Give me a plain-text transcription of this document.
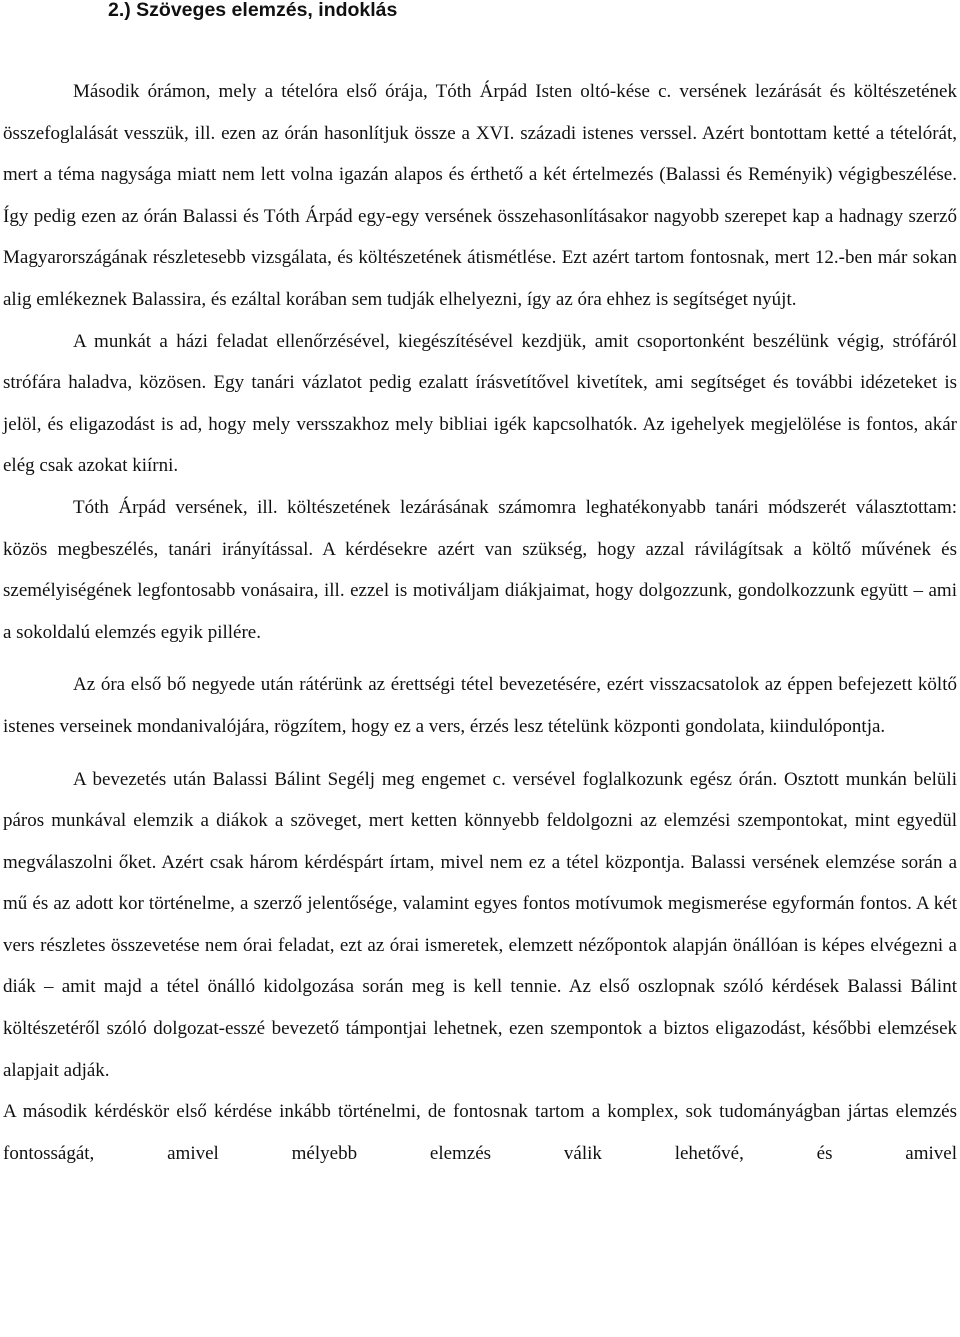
2.) Szöveges elemzés, indoklás

Második órámon, mely a tételóra első órája, Tóth Árpád Isten oltó-kése c. versének lezárását és költészetének összefoglalását vesszük, ill. ezen az órán hasonlítjuk össze a XVI. századi istenes verssel. Azért bontottam ketté a tételórát, mert a téma nagysága miatt nem lett volna igazán alapos és érthető a két értelmezés (Balassi és Reményik) végigbeszélése. Így pedig ezen az órán Balassi és Tóth Árpád egy-egy versének összehasonlításakor nagyobb szerepet kap a hadnagy szerző Magyarországának részletesebb vizsgálata, és költészetének átismétlése. Ezt azért tartom fontosnak, mert 12.-ben már sokan alig emlékeznek Balassira, és ezáltal korában sem tudják elhelyezni, így az óra ehhez is segítséget nyújt.

A munkát a házi feladat ellenőrzésével, kiegészítésével kezdjük, amit csoportonként beszélünk végig, strófáról strófára haladva, közösen. Egy tanári vázlatot pedig ezalatt írásvetítővel kivetítek, ami segítséget és további idézeteket is jelöl, és eligazodást is ad, hogy mely versszakhoz mely bibliai igék kapcsolhatók. Az igehelyek megjelölése is fontos, akár elég csak azokat kiírni.

Tóth Árpád versének, ill. költészetének lezárásának számomra leghatékonyabb tanári módszerét választottam: közös megbeszélés, tanári irányítással. A kérdésekre azért van szükség, hogy azzal rávilágítsak a költő művének és személyiségének legfontosabb vonásaira, ill. ezzel is motiváljam diákjaimat, hogy dolgozzunk, gondolkozzunk együtt – ami a sokoldalú elemzés egyik pillére.

Az óra első bő negyede után rátérünk az érettségi tétel bevezetésére, ezért visszacsatolok az éppen befejezett költő istenes verseinek mondanivalójára, rögzítem, hogy ez a vers, érzés lesz tételünk központi gondolata, kiindulópontja.

A bevezetés után Balassi Bálint Segélj meg engemet c. versével foglalkozunk egész órán. Osztott munkán belüli páros munkával elemzik a diákok a szöveget, mert ketten könnyebb feldolgozni az elemzési szempontokat, mint egyedül megválaszolni őket. Azért csak három kérdéspárt írtam, mivel nem ez a tétel központja. Balassi versének elemzése során a mű és az adott kor történelme, a szerző jelentősége, valamint egyes fontos motívumok megismerése egyformán fontos. A két vers részletes összevetése nem órai feladat, ezt az órai ismeretek, elemzett nézőpontok alapján önállóan is képes elvégezni a diák – amit majd a tétel önálló kidolgozása során meg is kell tennie. Az első oszlopnak szóló kérdések Balassi Bálint költészetéről szóló dolgozat-esszé bevezető támpontjai lehetnek, ezen szempontok a biztos eligazodást, későbbi elemzések alapjait adják.

A második kérdéskör első kérdése inkább történelmi, de fontosnak tartom a komplex, sok tudományágban jártas elemzés fontosságát, amivel mélyebb elemzés válik lehetővé, és amivel
